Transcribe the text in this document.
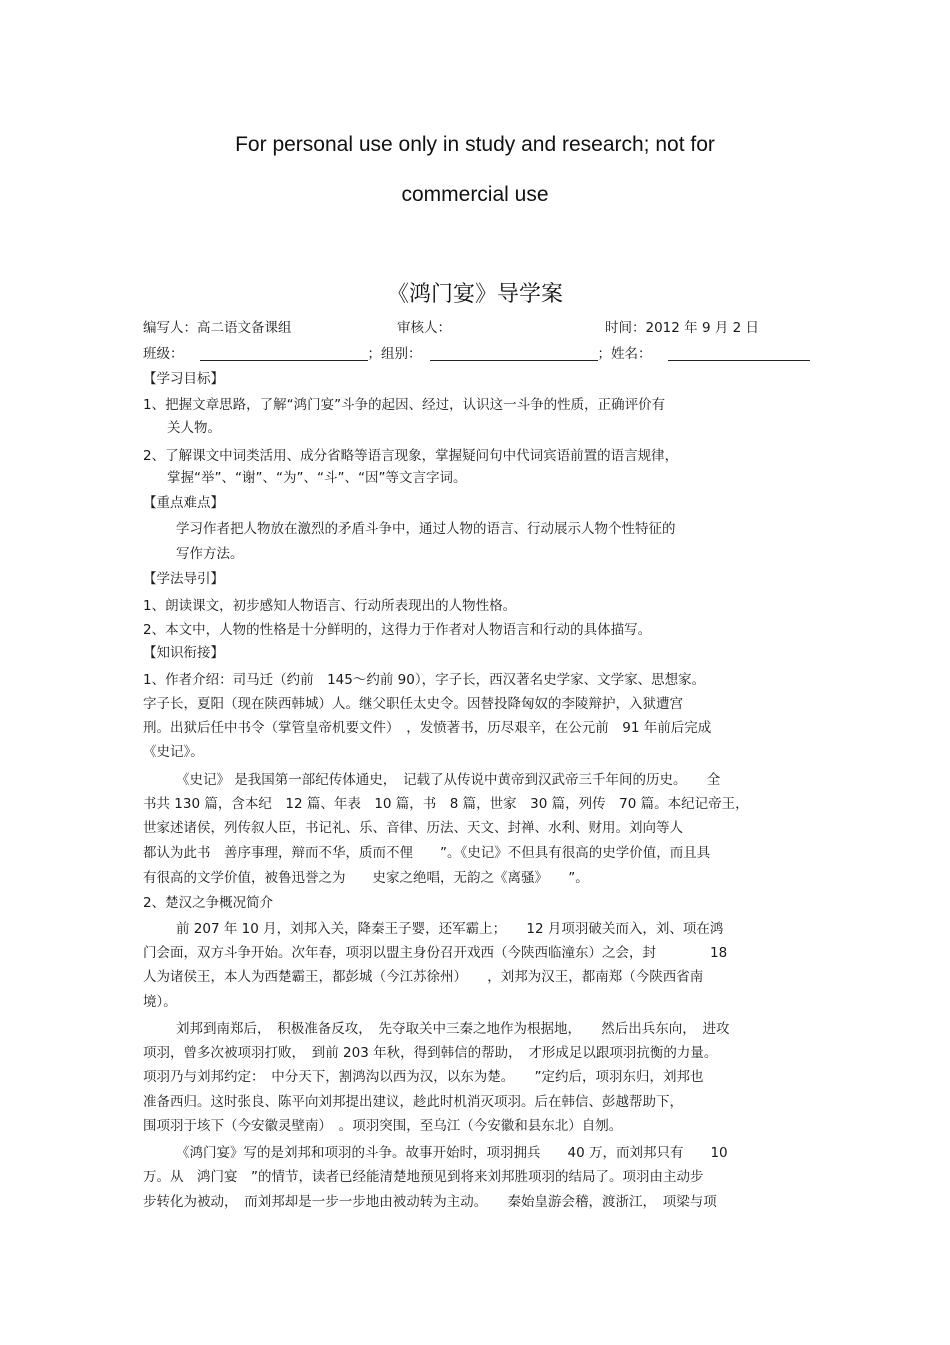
For personal use only in study and research; not for
commercial use
《鸿门宴》导学案
编写人：高二语文备课组	审核人：	时间：2012 年 9 月 2 日
班级：	；组别：	；姓名：
【学习目标】
1、把握文章思路，了解“鸿门宴”斗争的起因、经过，认识这一斗争的性质，正确评价有
关人物。
2、了解课文中词类活用、成分省略等语言现象，掌握疑问句中代词宾语前置的语言规律，
掌握“举”、“谢”、“为”、“斗”、“因”等文言字词。
【重点难点】
学习作者把人物放在激烈的矛盾斗争中，通过人物的语言、行动展示人物个性特征的
写作方法。
【学法导引】
1、朗读课文，初步感知人物语言、行动所表现出的人物性格。
2、本文中，人物的性格是十分鲜明的，这得力于作者对人物语言和行动的具体描写。
【知识衔接】
1、作者介绍：司马迁（约前　145～约前 90），字子长，西汉著名史学家、文学家、思想家。
字子长，夏阳（现在陕西韩城）人。继父职任太史令。因替投降匈奴的李陵辩护，入狱遭宫
刑。出狱后任中书令（掌管皇帝机要文件）　，发愤著书，历尽艰辛，在公元前　91 年前后完成
《史记》。
《史记》 是我国第一部纪传体通史，　记载了从传说中黄帝到汉武帝三千年间的历史。　　全
书共 130 篇，含本纪　12 篇、年表　10 篇，书　8 篇，世家　30 篇，列传　70 篇。本纪记帝王，
世家述诸侯，列传叙人臣，书记礼、乐、音律、历法、天文、封禅、水利、财用。刘向等人
都认为此书　善序事理，辩而不华，质而不俚　　”。《史记》不但具有很高的史学价值，而且具
有很高的文学价值，被鲁迅誉之为　　史家之绝唱，无韵之《离骚》　　”。
2、楚汉之争概况简介
前 207 年 10 月，刘邦入关，降秦王子婴，还军霸上；　　12 月项羽破关而入，刘、项在鸿
门会面，双方斗争开始。次年春，项羽以盟主身份召开戏西（今陕西临潼东）之会，封　　　　18
人为诸侯王，本人为西楚霸王，都彭城（今江苏徐州）　　，刘邦为汉王，都南郑（今陕西省南
境）。
刘邦到南郑后，　积极准备反攻，　先夺取关中三秦之地作为根据地，　　然后出兵东向，　进攻
项羽，曾多次被项羽打败，　到前 203 年秋，得到韩信的帮助，　才形成足以跟项羽抗衡的力量。
项羽乃与刘邦约定：　中分天下，割鸿沟以西为汉，以东为楚。　　”定约后，项羽东归，刘邦也
准备西归。这时张良、陈平向刘邦提出建议，趁此时机消灭项羽。后在韩信、彭越帮助下，
围项羽于垓下（今安徽灵壁南）　。项羽突围，至乌江（今安徽和县东北）自刎。
《鸿门宴》写的是刘邦和项羽的斗争。故事开始时，项羽拥兵　　40 万，而刘邦只有　　10
万。从　鸿门宴　”的情节，读者已经能清楚地预见到将来刘邦胜项羽的结局了。项羽由主动步
步转化为被动，　而刘邦却是一步一步地由被动转为主动。　　秦始皇游会稽，渡浙江，　项梁与项
